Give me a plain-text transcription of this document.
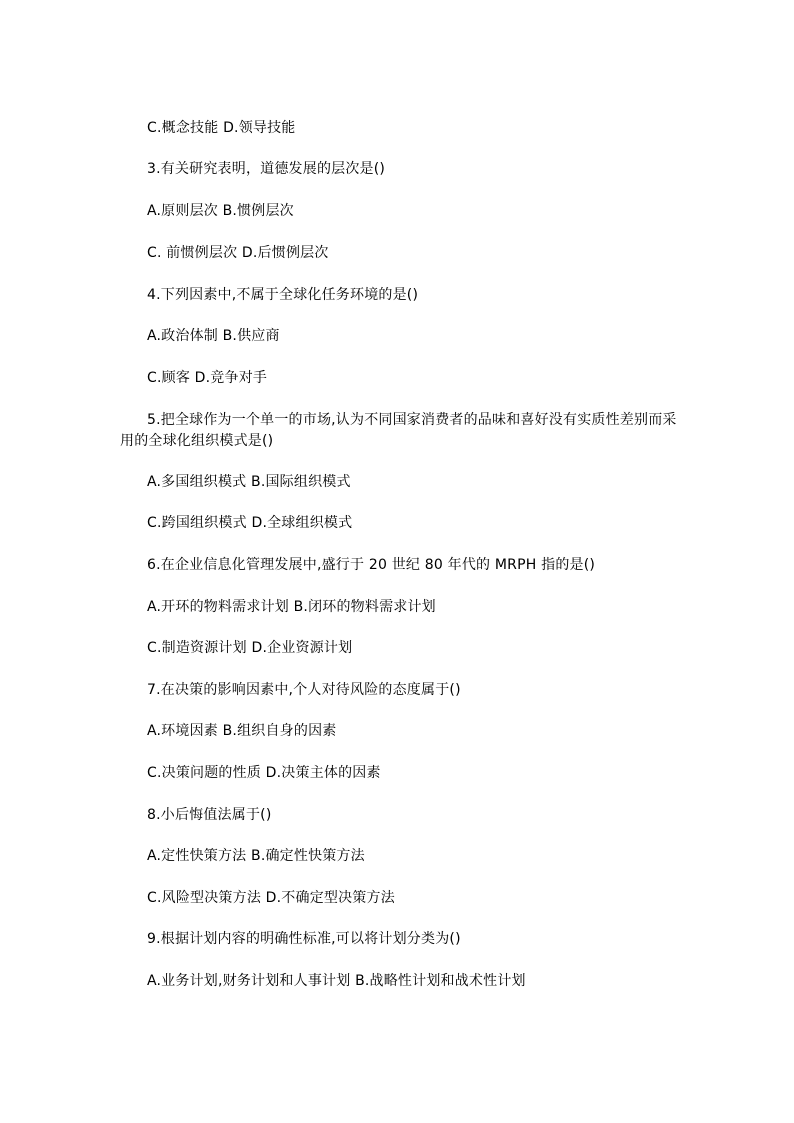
C.概念技能 D.领导技能
3.有关研究表明，道德发展的层次是()
A.原则层次 B.惯例层次
C. 前惯例层次 D.后惯例层次
4.下列因素中,不属于全球化任务环境的是()
A.政治体制 B.供应商
C.顾客 D.竞争对手
5.把全球作为一个单一的市场,认为不同国家消费者的品味和喜好没有实质性差别而采用的全球化组织模式是()
A.多国组织模式 B.国际组织模式
C.跨国组织模式 D.全球组织模式
6.在企业信息化管理发展中,盛行于 20 世纪 80 年代的 MRPH 指的是()
A.开环的物料需求计划 B.闭环的物料需求计划
C.制造资源计划 D.企业资源计划
7.在决策的影响因素中,个人对待风险的态度属于()
A.环境因素 B.组织自身的因素
C.决策问题的性质 D.决策主体的因素
8.小后悔值法属于()
A.定性快策方法 B.确定性快策方法
C.风险型决策方法 D.不确定型决策方法
9.根据计划内容的明确性标准,可以将计划分类为()
A.业务计划,财务计划和人事计划 B.战略性计划和战术性计划
